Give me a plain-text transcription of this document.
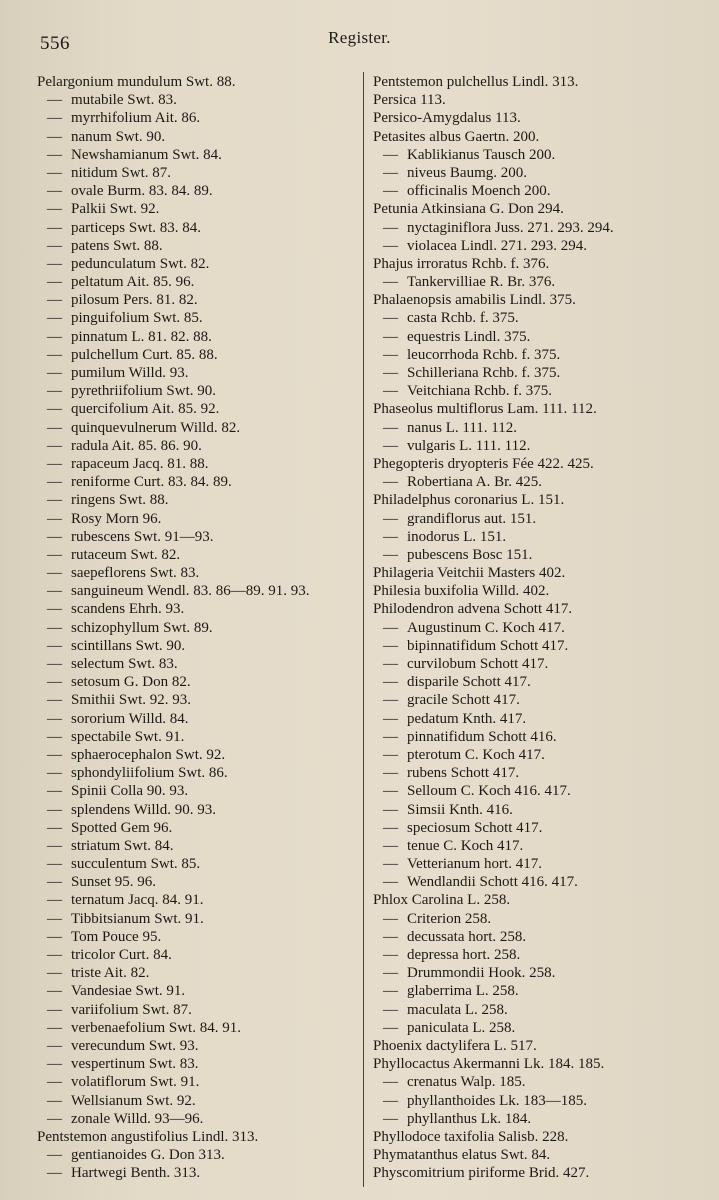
556	Register.
Pelargonium mundulum Swt. 88.
— mutabile Swt. 83.
— myrrhifolium Ait. 86.
— nanum Swt. 90.
— Newshamianum Swt. 84.
— nitidum Swt. 87.
— ovale Burm. 83. 84. 89.
— Palkii Swt. 92.
— particeps Swt. 83. 84.
— patens Swt. 88.
— pedunculatum Swt. 82.
— peltatum Ait. 85. 96.
— pilosum Pers. 81. 82.
— pinguifolium Swt. 85.
— pinnatum L. 81. 82. 88.
— pulchellum Curt. 85. 88.
— pumilum Willd. 93.
— pyrethriifolium Swt. 90.
— quercifolium Ait. 85. 92.
— quinquevulnerum Willd. 82.
— radula Ait. 85. 86. 90.
— rapaceum Jacq. 81. 88.
— reniforme Curt. 83. 84. 89.
— ringens Swt. 88.
— Rosy Morn 96.
— rubescens Swt. 91—93.
— rutaceum Swt. 82.
— saepeflorens Swt. 83.
— sanguineum Wendl. 83. 86—89. 91. 93.
— scandens Ehrh. 93.
— schizophyllum Swt. 89.
— scintillans Swt. 90.
— selectum Swt. 83.
— setosum G. Don 82.
— Smithii Swt. 92. 93.
— sororium Willd. 84.
— spectabile Swt. 91.
— sphaerocephalon Swt. 92.
— sphondyliifolium Swt. 86.
— Spinii Colla 90. 93.
— splendens Willd. 90. 93.
— Spotted Gem 96.
— striatum Swt. 84.
— succulentum Swt. 85.
— Sunset 95. 96.
— ternatum Jacq. 84. 91.
— Tibbitsianum Swt. 91.
— Tom Pouce 95.
— tricolor Curt. 84.
— triste Ait. 82.
— Vandesiae Swt. 91.
— variifolium Swt. 87.
— verbenaefolium Swt. 84. 91.
— verecundum Swt. 93.
— vespertinum Swt. 83.
— volatiflorum Swt. 91.
— Wellsianum Swt. 92.
— zonale Willd. 93—96.
Pentstemon angustifolius Lindl. 313.
— gentianoides G. Don 313.
— Hartwegi Benth. 313.
Pentstemon pulchellus Lindl. 313.
Persica 113.
Persico-Amygdalus 113.
Petasites albus Gaertn. 200.
— Kablikianus Tausch 200.
— niveus Baumg. 200.
— officinalis Moench 200.
Petunia Atkinsiana G. Don 294.
— nyctaginiflora Juss. 271. 293. 294.
— violacea Lindl. 271. 293. 294.
Phajus irroratus Rchb. f. 376.
— Tankervilliae R. Br. 376.
Phalaenopsis amabilis Lindl. 375.
— casta Rchb. f. 375.
— equestris Lindl. 375.
— leucorrhoda Rchb. f. 375.
— Schilleriana Rchb. f. 375.
— Veitchiana Rchb. f. 375.
Phaseolus multiflorus Lam. 111. 112.
— nanus L. 111. 112.
— vulgaris L. 111. 112.
Phegopteris dryopteris Fée 422. 425.
— Robertiana A. Br. 425.
Philadelphus coronarius L. 151.
— grandiflorus aut. 151.
— inodorus L. 151.
— pubescens Bosc 151.
Philageria Veitchii Masters 402.
Philesia buxifolia Willd. 402.
Philodendron advena Schott 417.
— Augustinum C. Koch 417.
— bipinnatifidum Schott 417.
— curvilobum Schott 417.
— disparile Schott 417.
— gracile Schott 417.
— pedatum Knth. 417.
— pinnatifidum Schott 416.
— pterotum C. Koch 417.
— rubens Schott 417.
— Selloum C. Koch 416. 417.
— Simsii Knth. 416.
— speciosum Schott 417.
— tenue C. Koch 417.
— Vetterianum hort. 417.
— Wendlandii Schott 416. 417.
Phlox Carolina L. 258.
— Criterion 258.
— decussata hort. 258.
— depressa hort. 258.
— Drummondii Hook. 258.
— glaberrima L. 258.
— maculata L. 258.
— paniculata L. 258.
Phoenix dactylifera L. 517.
Phyllocactus Akermanni Lk. 184. 185.
— crenatus Walp. 185.
— phyllanthoides Lk. 183—185.
— phyllanthus Lk. 184.
Phyllodoce taxifolia Salisb. 228.
Phymatanthus elatus Swt. 84.
Physcomitrium piriforme Brid. 427.
